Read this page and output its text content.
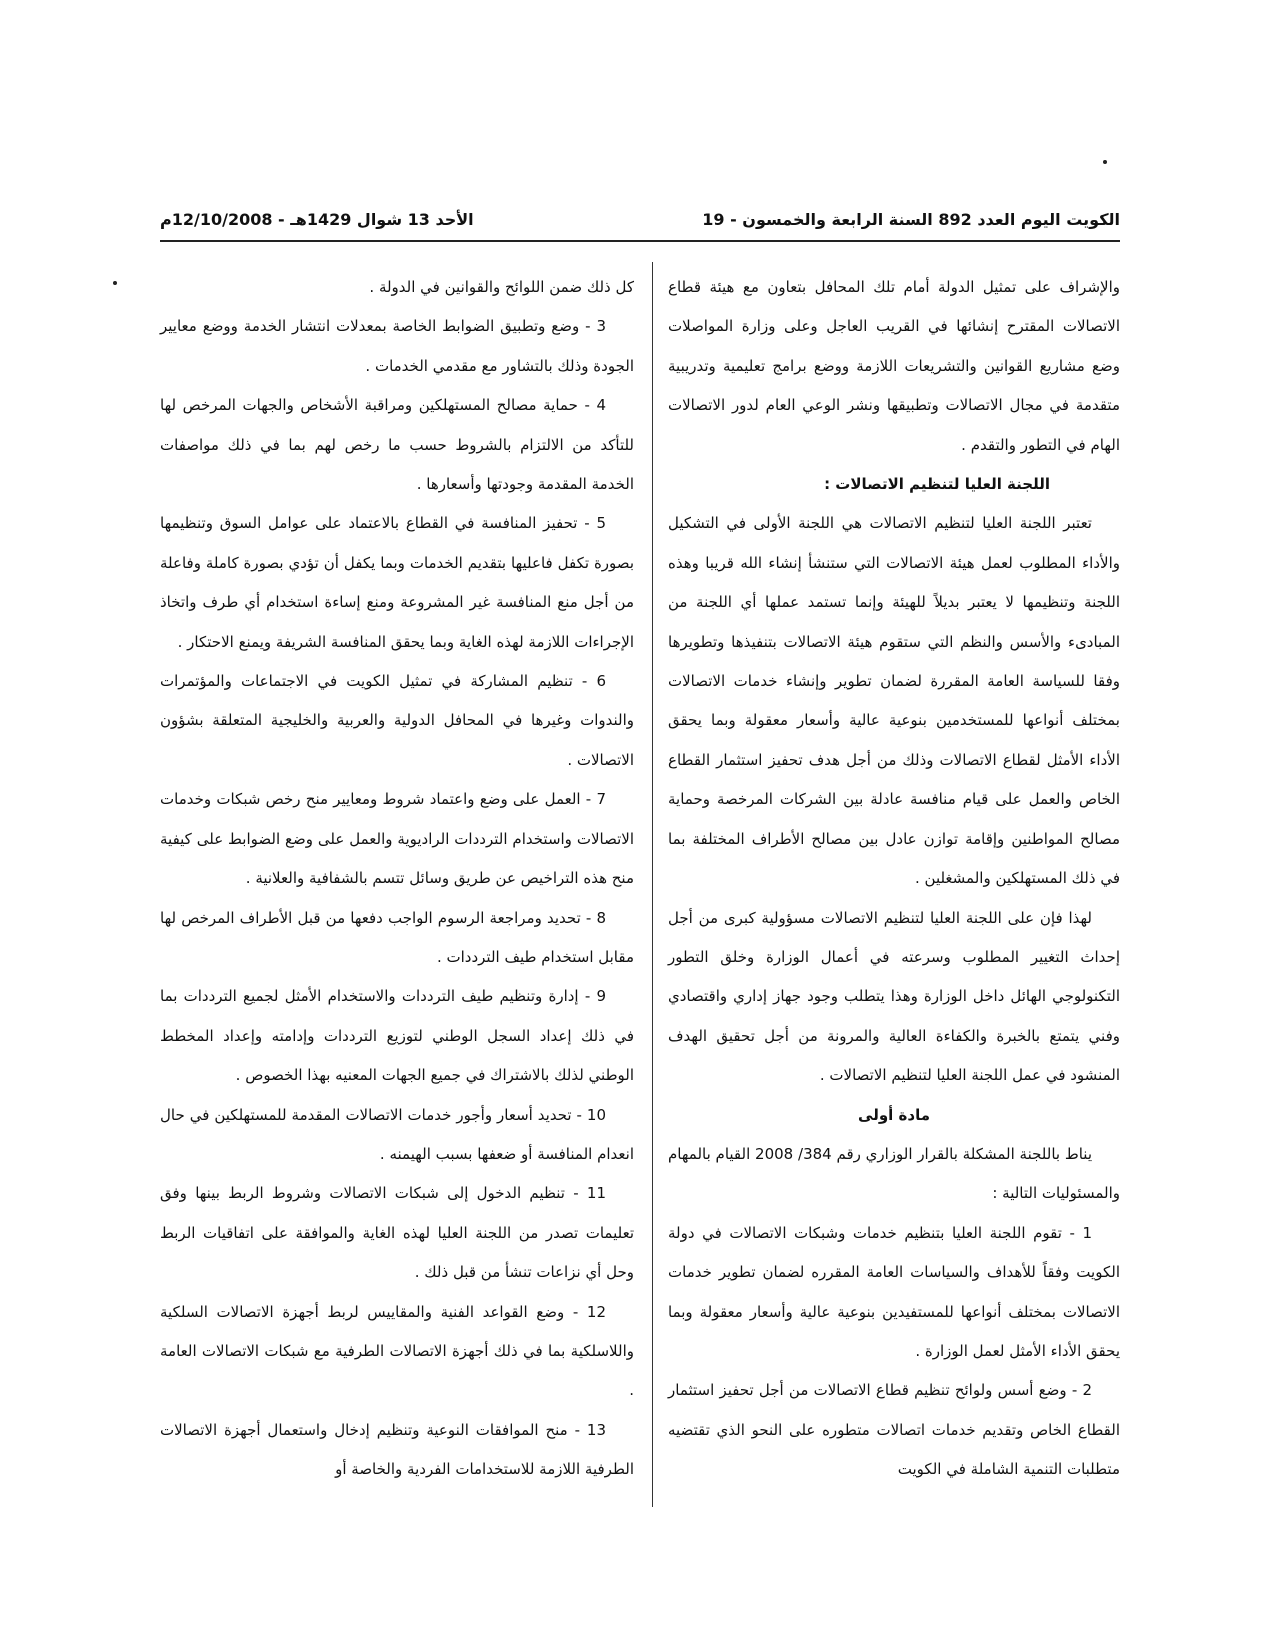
الكويت اليوم العدد 892 السنة الرابعة والخمسون - 19
الأحد 13 شوال 1429هـ - 12/10/2008م

والإشراف على تمثيل الدولة أمام تلك المحافل بتعاون مع هيئة قطاع الاتصالات المقترح إنشائها في القريب العاجل وعلى وزارة المواصلات وضع مشاريع القوانين والتشريعات اللازمة ووضع برامج تعليمية وتدريبية متقدمة في مجال الاتصالات وتطبيقها ونشر الوعي العام لدور الاتصالات الهام في التطور والتقدم .

اللجنة العليا لتنظيم الاتصالات :

تعتبر اللجنة العليا لتنظيم الاتصالات هي اللجنة الأولى في التشكيل والأداء المطلوب لعمل هيئة الاتصالات التي ستنشأ إنشاء الله قريبا وهذه اللجنة وتنظيمها لا يعتبر بديلاً للهيئة وإنما تستمد عملها أي اللجنة من المبادىء والأسس والنظم التي ستقوم هيئة الاتصالات بتنفيذها وتطويرها وفقا للسياسة العامة المقررة لضمان تطوير وإنشاء خدمات الاتصالات بمختلف أنواعها للمستخدمين بنوعية عالية وأسعار معقولة وبما يحقق الأداء الأمثل لقطاع الاتصالات وذلك من أجل هدف تحفيز استثمار القطاع الخاص والعمل على قيام منافسة عادلة بين الشركات المرخصة وحماية مصالح المواطنين وإقامة توازن عادل بين مصالح الأطراف المختلفة بما في ذلك المستهلكين والمشغلين .

لهذا فإن على اللجنة العليا لتنظيم الاتصالات مسؤولية كبرى من أجل إحداث التغيير المطلوب وسرعته في أعمال الوزارة وخلق التطور التكنولوجي الهائل داخل الوزارة وهذا يتطلب وجود جهاز إداري واقتصادي وفني يتمتع بالخبرة والكفاءة العالية والمرونة من أجل تحقيق الهدف المنشود في عمل اللجنة العليا لتنظيم الاتصالات .

مادة أولى

يناط باللجنة المشكلة بالقرار الوزاري رقم 384/ 2008 القيام بالمهام والمسئوليات التالية :

1 - تقوم اللجنة العليا بتنظيم خدمات وشبكات الاتصالات في دولة الكويت وفقاً للأهداف والسياسات العامة المقرره لضمان تطوير خدمات الاتصالات بمختلف أنواعها للمستفيدين بنوعية عالية وأسعار معقولة وبما يحقق الأداء الأمثل لعمل الوزارة .

2 - وضع أسس ولوائح تنظيم قطاع الاتصالات من أجل تحفيز استثمار القطاع الخاص وتقديم خدمات اتصالات متطوره على النحو الذي تقتضيه متطلبات التنمية الشاملة في الكويت

كل ذلك ضمن اللوائح والقوانين في الدولة .

3 - وضع وتطبيق الضوابط الخاصة بمعدلات انتشار الخدمة ووضع معايير الجودة وذلك بالتشاور مع مقدمي الخدمات .

4 - حماية مصالح المستهلكين ومراقبة الأشخاص والجهات المرخص لها للتأكد من الالتزام بالشروط حسب ما رخص لهم بما في ذلك مواصفات الخدمة المقدمة وجودتها وأسعارها .

5 - تحفيز المنافسة في القطاع بالاعتماد على عوامل السوق وتنظيمها بصورة تكفل فاعليها بتقديم الخدمات وبما يكفل أن تؤدي بصورة كاملة وفاعلة من أجل منع المنافسة غير المشروعة ومنع إساءة استخدام أي طرف واتخاذ الإجراءات اللازمة لهذه الغاية وبما يحقق المنافسة الشريفة ويمنع الاحتكار .

6 - تنظيم المشاركة في تمثيل الكويت في الاجتماعات والمؤتمرات والندوات وغيرها في المحافل الدولية والعربية والخليجية المتعلقة بشؤون الاتصالات .

7 - العمل على وضع واعتماد شروط ومعايير منح رخص شبكات وخدمات الاتصالات واستخدام الترددات الراديوية والعمل على وضع الضوابط على كيفية منح هذه التراخيص عن طريق وسائل تتسم بالشفافية والعلانية .

8 - تحديد ومراجعة الرسوم الواجب دفعها من قبل الأطراف المرخص لها مقابل استخدام طيف الترددات .

9 - إدارة وتنظيم طيف الترددات والاستخدام الأمثل لجميع الترددات بما في ذلك إعداد السجل الوطني لتوزيع الترددات وإدامته وإعداد المخطط الوطني لذلك بالاشتراك في جميع الجهات المعنيه بهذا الخصوص .

10 - تحديد أسعار وأجور خدمات الاتصالات المقدمة للمستهلكين في حال انعدام المنافسة أو ضعفها بسبب الهيمنه .

11 - تنظيم الدخول إلى شبكات الاتصالات وشروط الربط بينها وفق تعليمات تصدر من اللجنة العليا لهذه الغاية والموافقة على اتفاقيات الربط وحل أي نزاعات تنشأ من قبل ذلك .

12 - وضع القواعد الفنية والمقاييس لربط أجهزة الاتصالات السلكية واللاسلكية بما في ذلك أجهزة الاتصالات الطرفية مع شبكات الاتصالات العامة .

13 - منح الموافقات النوعية وتنظيم إدخال واستعمال أجهزة الاتصالات الطرفية اللازمة للاستخدامات الفردية والخاصة أو
